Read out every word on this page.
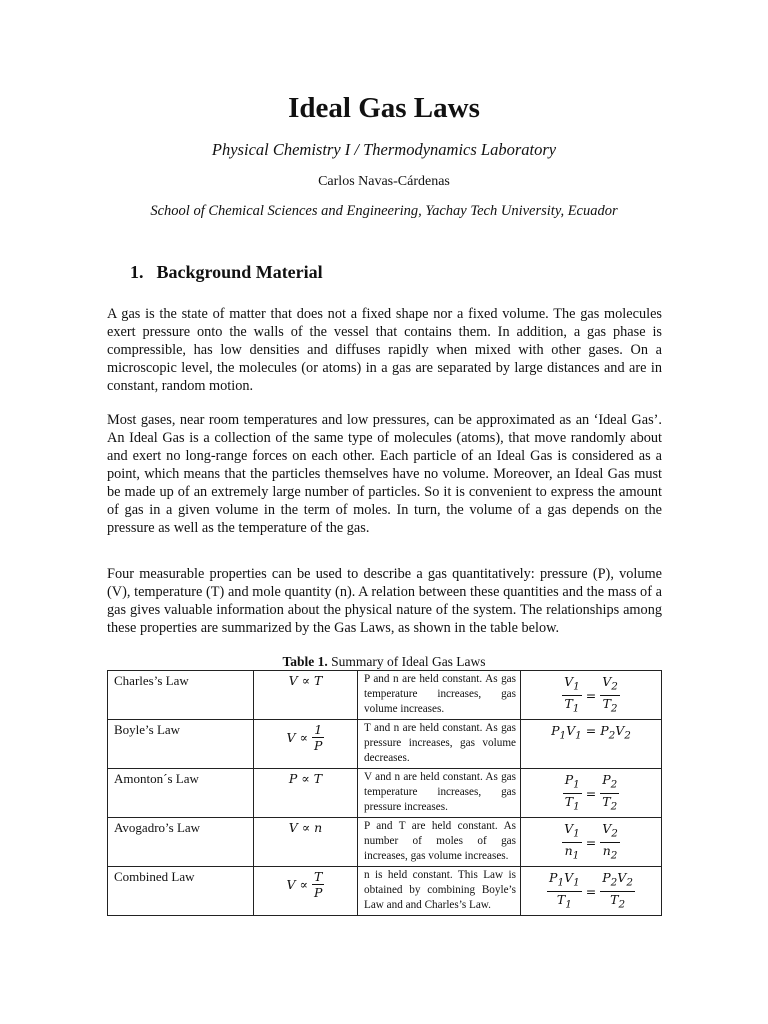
Ideal Gas Laws
Physical Chemistry I / Thermodynamics Laboratory
Carlos Navas-Cárdenas
School of Chemical Sciences and Engineering, Yachay Tech University, Ecuador
1. Background Material

A gas is the state of matter that does not a fixed shape nor a fixed volume. The gas molecules exert pressure onto the walls of the vessel that contains them. In addition, a gas phase is compressible, has low densities and diffuses rapidly when mixed with other gases. On a microscopic level, the molecules (or atoms) in a gas are separated by large distances and are in constant, random motion.

Most gases, near room temperatures and low pressures, can be approximated as an ‘Ideal Gas’. An Ideal Gas is a collection of the same type of molecules (atoms), that move randomly about and exert no long-range forces on each other. Each particle of an Ideal Gas is considered as a point, which means that the particles themselves have no volume. Moreover, an Ideal Gas must be made up of an extremely large number of particles. So it is convenient to express the amount of gas in a given volume in the term of moles. In turn, the volume of a gas depends on the pressure as well as the temperature of the gas.

Four measurable properties can be used to describe a gas quantitatively: pressure (P), volume (V), temperature (T) and mole quantity (n). A relation between these quantities and the mass of a gas gives valuable information about the physical nature of the system. The relationships among these properties are summarized by the Gas Laws, as shown in the table below.

Table 1. Summary of Ideal Gas Laws
Charles’s Law	V ∝ T	P and n are held constant. As gas temperature increases, gas volume increases.	$\frac{V_1}{T_1} = \frac{V_2}{T_2}$

Boyle’s Law	$V \propto \frac{1}{P}$	T and n are held constant. As gas pressure increases, gas volume decreases.	$P_1V_1 = P_2V_2$
Amonton´s Law	P ∝ T	V and n are held constant. As gas temperature increases, gas pressure increases.	$\frac{P_1}{T_1} = \frac{P_2}{T_2}$

Avogadro’s Law	V ∝ n	P and T are held constant. As number of moles of gas increases, gas volume increases.	$\frac{V_1}{n_1} = \frac{V_2}{n_2}$

Combined Law	$V \propto \frac{T}{P}$	n is held constant. This Law is obtained by combining Boyle’s Law and and Charles’s Law.	$\frac{P_1V_1}{T_1} = \frac{P_2V_2}{T_2}$
